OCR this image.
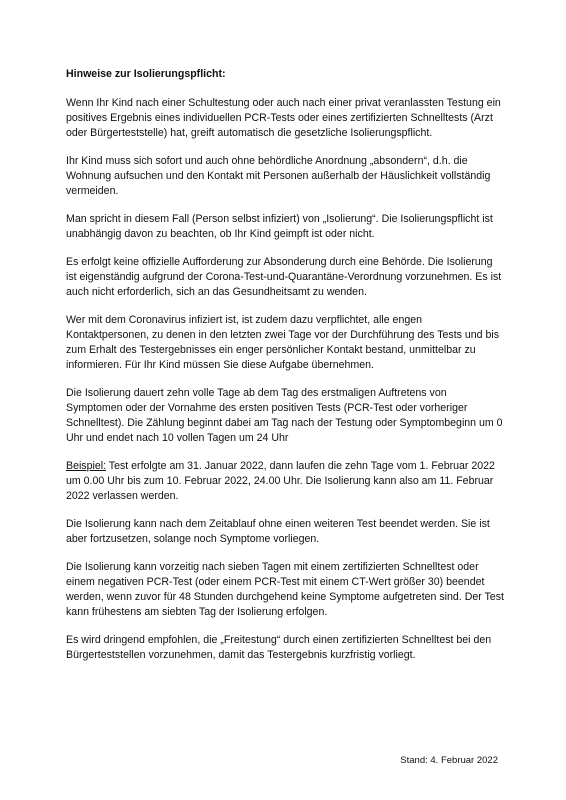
Hinweise zur Isolierungspflicht:

Wenn Ihr Kind nach einer Schultestung oder auch nach einer privat veranlassten Testung ein positives Ergebnis eines individuellen PCR-Tests oder eines zertifizierten Schnelltests (Arzt oder Bürgerteststelle) hat, greift automatisch die gesetzliche Isolierungspflicht.

Ihr Kind muss sich sofort und auch ohne behördliche Anordnung „absondern“, d.h. die Wohnung aufsuchen und den Kontakt mit Personen außerhalb der Häuslichkeit vollständig vermeiden.

Man spricht in diesem Fall (Person selbst infiziert) von „Isolierung“. Die Isolierungspflicht ist unabhängig davon zu beachten, ob Ihr Kind geimpft ist oder nicht.

Es erfolgt keine offizielle Aufforderung zur Absonderung durch eine Behörde. Die Isolierung ist eigenständig aufgrund der Corona-Test-und-Quarantäne-Verordnung vorzunehmen. Es ist auch nicht erforderlich, sich an das Gesundheitsamt zu wenden.

Wer mit dem Coronavirus infiziert ist, ist zudem dazu verpflichtet, alle engen Kontaktpersonen, zu denen in den letzten zwei Tage vor der Durchführung des Tests und bis zum Erhalt des Testergebnisses ein enger persönlicher Kontakt bestand, unmittelbar zu informieren. Für Ihr Kind müssen Sie diese Aufgabe übernehmen.

Die Isolierung dauert zehn volle Tage ab dem Tag des erstmaligen Auftretens von Symptomen oder der Vornahme des ersten positiven Tests (PCR-Test oder vorheriger Schnelltest). Die Zählung beginnt dabei am Tag nach der Testung oder Symptombeginn um 0 Uhr und endet nach 10 vollen Tagen um 24 Uhr

Beispiel: Test erfolgte am 31. Januar 2022, dann laufen die zehn Tage vom 1. Februar 2022 um 0.00 Uhr bis zum 10. Februar 2022, 24.00 Uhr. Die Isolierung kann also am 11. Februar 2022 verlassen werden.

Die Isolierung kann nach dem Zeitablauf ohne einen weiteren Test beendet werden. Sie ist aber fortzusetzen, solange noch Symptome vorliegen.

Die Isolierung kann vorzeitig nach sieben Tagen mit einem zertifizierten Schnelltest oder einem negativen PCR-Test (oder einem PCR-Test mit einem CT-Wert größer 30) beendet werden, wenn zuvor für 48 Stunden durchgehend keine Symptome aufgetreten sind. Der Test kann frühestens am siebten Tag der Isolierung erfolgen.

Es wird dringend empfohlen, die „Freitestung“ durch einen zertifizierten Schnelltest bei den Bürgerteststellen vorzunehmen, damit das Testergebnis kurzfristig vorliegt.

Stand: 4. Februar 2022
